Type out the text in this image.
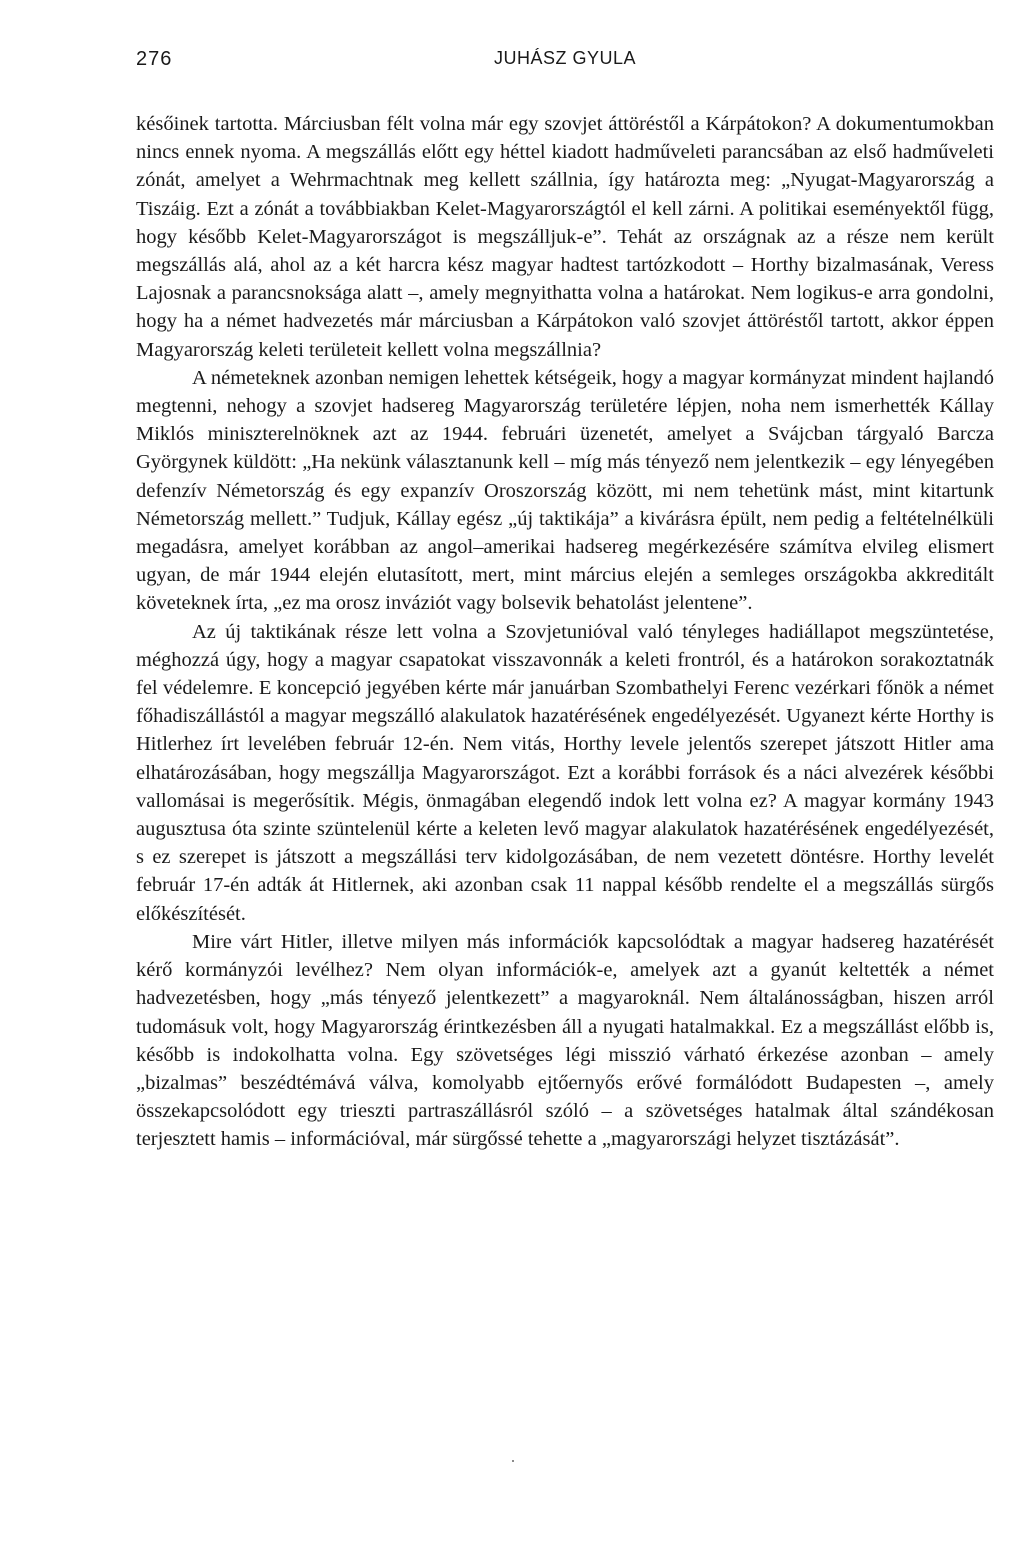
276	JUHÁSZ GYULA

későinek tartotta. Márciusban félt volna már egy szovjet áttöréstől a Kárpátokon? A dokumentumokban nincs ennek nyoma. A megszállás előtt egy héttel kiadott hadműveleti parancsában az első hadműveleti zónát, amelyet a Wehrmachtnak meg kellett szállnia, így határozta meg: „Nyugat-Magyarország a Tiszáig. Ezt a zónát a továbbiakban Kelet-Magyarországtól el kell zárni. A politikai eseményektől függ, hogy később Kelet-Magyarországot is megszálljuk-e”. Tehát az országnak az a része nem került megszállás alá, ahol az a két harcra kész magyar hadtest tartózkodott – Horthy bizalmasának, Veress Lajosnak a parancsnoksága alatt –, amely megnyithatta volna a határokat. Nem logikus-e arra gondolni, hogy ha a német hadvezetés már márciusban a Kárpátokon való szovjet áttöréstől tartott, akkor éppen Magyarország keleti területeit kellett volna megszállnia?

A németeknek azonban nemigen lehettek kétségeik, hogy a magyar kormányzat mindent hajlandó megtenni, nehogy a szovjet hadsereg Magyarország területére lépjen, noha nem ismerhették Kállay Miklós miniszterelnöknek azt az 1944. februári üzenetét, amelyet a Svájcban tárgyaló Barcza Györgynek küldött: „Ha nekünk választanunk kell – míg más tényező nem jelentkezik – egy lényegében defenzív Németország és egy expanzív Oroszország között, mi nem tehetünk mást, mint kitartunk Németország mellett.” Tudjuk, Kállay egész „új taktikája” a kivárásra épült, nem pedig a feltételnélküli megadásra, amelyet korábban az angol–amerikai hadsereg megérkezésére számítva elvileg elismert ugyan, de már 1944 elején elutasított, mert, mint március elején a semleges országokba akkreditált követeknek írta, „ez ma orosz inváziót vagy bolsevik behatolást jelentene”.

Az új taktikának része lett volna a Szovjetunióval való tényleges hadiállapot megszüntetése, méghozzá úgy, hogy a magyar csapatokat visszavonnák a keleti frontról, és a határokon sorakoztatnák fel védelemre. E koncepció jegyében kérte már januárban Szombathelyi Ferenc vezérkari főnök a német főhadiszállástól a magyar megszálló alakulatok hazatérésének engedélyezését. Ugyanezt kérte Horthy is Hitlerhez írt levelében február 12-én. Nem vitás, Horthy levele jelentős szerepet játszott Hitler ama elhatározásában, hogy megszállja Magyarországot. Ezt a korábbi források és a náci alvezérek későbbi vallomásai is megerősítik. Mégis, önmagában elegendő indok lett volna ez? A magyar kormány 1943 augusztusa óta szinte szüntelenül kérte a keleten levő magyar alakulatok hazatérésének engedélyezését, s ez szerepet is játszott a megszállási terv kidolgozásában, de nem vezetett döntésre. Horthy levelét február 17-én adták át Hitlernek, aki azonban csak 11 nappal később rendelte el a megszállás sürgős előkészítését.

Mire várt Hitler, illetve milyen más információk kapcsolódtak a magyar hadsereg hazatérését kérő kormányzói levélhez? Nem olyan információk-e, amelyek azt a gyanút keltették a német hadvezetésben, hogy „más tényező jelentkezett” a magyaroknál. Nem általánosságban, hiszen arról tudomásuk volt, hogy Magyarország érintkezésben áll a nyugati hatalmakkal. Ez a megszállást előbb is, később is indokolhatta volna. Egy szövetséges légi misszió várható érkezése azonban – amely „bizalmas” beszédtémává válva, komolyabb ejtőernyős erővé formálódott Budapesten –, amely összekapcsolódott egy trieszti partraszállásról szóló – a szövetséges hatalmak által szándékosan terjesztett hamis – információval, már sürgőssé tehette a „magyarországi helyzet tisztázását”.
